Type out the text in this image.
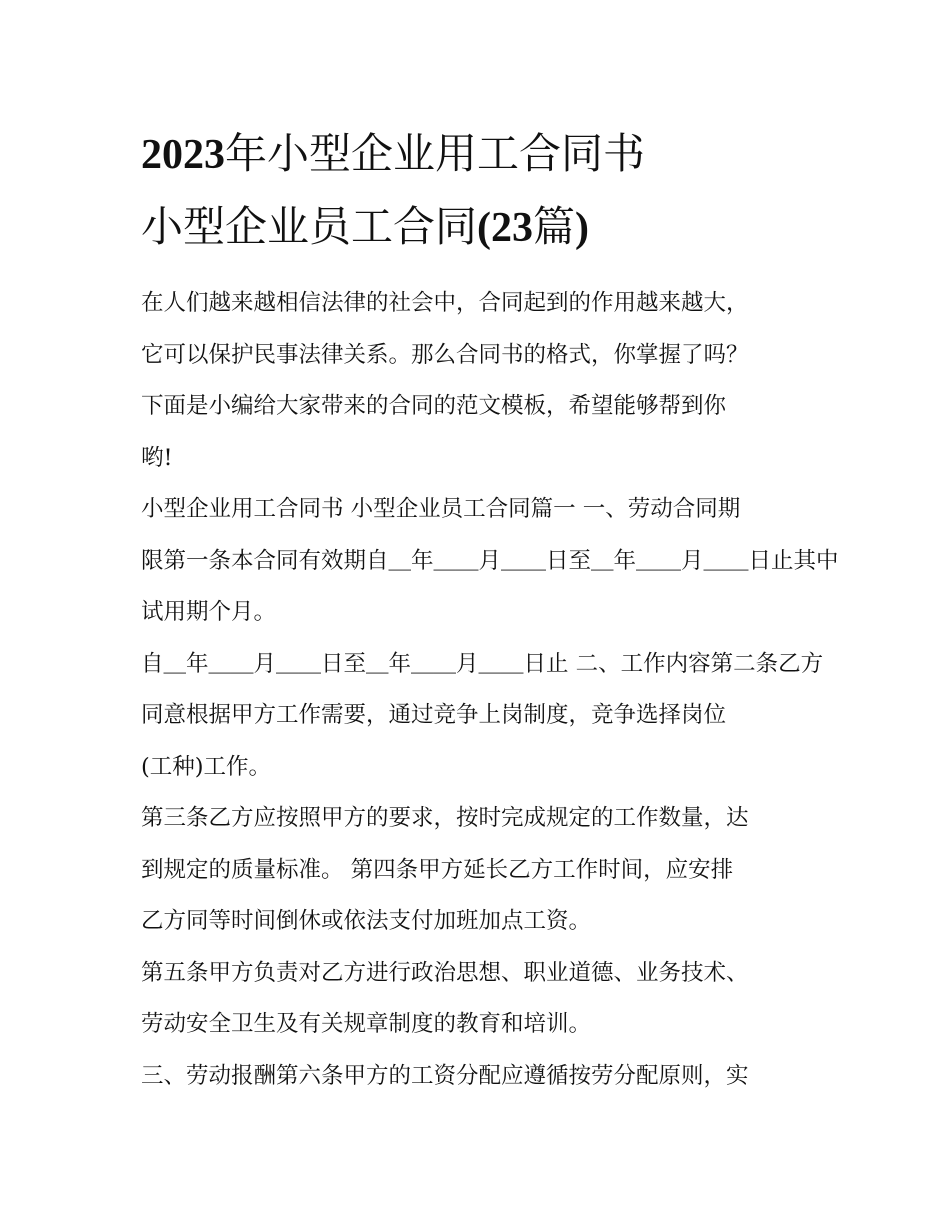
2023年小型企业用工合同书
小型企业员工合同(23篇)

在人们越来越相信法律的社会中，合同起到的作用越来越大，
它可以保护民事法律关系。那么合同书的格式，你掌握了吗？
下面是小编给大家带来的合同的范文模板，希望能够帮到你
哟!

小型企业用工合同书 小型企业员工合同篇一 一、劳动合同期
限第一条本合同有效期自＿年＿＿月＿＿日至＿年＿＿月＿＿日止其中
试用期个月。

自＿年＿＿月＿＿日至＿年＿＿月＿＿日止 二、工作内容第二条乙方
同意根据甲方工作需要，通过竞争上岗制度，竞争选择岗位
(工种)工作。

第三条乙方应按照甲方的要求，按时完成规定的工作数量，达
到规定的质量标准。 第四条甲方延长乙方工作时间，应安排
乙方同等时间倒休或依法支付加班加点工资。

第五条甲方负责对乙方进行政治思想、职业道德、业务技术、
劳动安全卫生及有关规章制度的教育和培训。

三、劳动报酬第六条甲方的工资分配应遵循按劳分配原则，实
